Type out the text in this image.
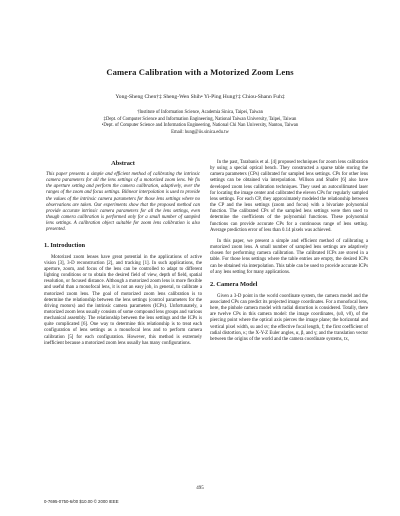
Camera Calibration with a Motorized Zoom Lens
Yong-Sheng Chen†‡ Sheng-Wen Shih• Yi-Ping Hung†‡ Chiou-Shann Fuh‡
†Institute of Information Science, Academia Sinica, Taipei, Taiwan
‡Dept. of Computer Science and Information Engineering, National Taiwan University, Taipei, Taiwan
•Dept. of Computer Science and Information Engineering, National Chi Nan University, Nantou, Taiwan
Email: hung@iis.sinica.edu.tw
Abstract

This paper presents a simple and efficient method of calibrating the intrinsic camera parameters for all the lens settings of a motorized zoom lens. We fix the aperture setting and perform the camera calibration, adaptively, over the ranges of the zoom and focus settings. Bilinear interpolation is used to provide the values of the intrinsic camera parameters for those lens settings where no observations are taken. Our experiments show that the proposed method can provide accurate intrinsic camera parameters for all the lens settings, even though camera calibration is performed only for a small number of sampled lens settings. A calibration object suitable for zoom lens calibration is also presented.

1. Introduction

Motorized zoom lenses have great potential in the applications of active vision [3], 3-D reconstruction [2], and tracking [1]. In such applications, the aperture, zoom, and focus of the lens can be controlled to adapt to different lighting conditions or to obtain the desired field of view, depth of field, spatial resolution, or focused distance. Although a motorized zoom lens is more flexible and useful than a monofocal lens, it is not an easy job, in general, to calibrate a motorized zoom lens. The goal of motorized zoom lens calibration is to determine the relationship between the lens settings (control parameters for the driving motors) and the intrinsic camera parameters (ICPs). Unfortunately, a motorized zoom lens usually consists of some compound lens groups and various mechanical assembly. The relationship between the lens settings and the ICPs is quite complicated [6]. One way to determine this relationship is to treat each configuration of lens settings as a monofocal lens and to perform camera calibration [5] for each configuration. However, this method is extremely inefficient because a motorized zoom lens usually has many configurations.

In the past, Tarabanis et al. [4] proposed techniques for zoom lens calibration by using a special optical bench. They constructed a sparse table storing the camera parameters (CPs) calibrated for sampled lens settings. CPs for other lens settings can be obtained via interpolation. Willson and Shafer [6] also have developed zoom lens calibration techniques. They used an autocollimated laser for locating the image center and calibrated the eleven CPs for regularly sampled lens settings. For each CP, they approximately modeled the relationship between the CP and the lens settings (zoom and focus) with a bivariate polynomial function. The calibrated CPs of the sampled lens settings were then used to determine the coefficients of the polynomial functions. These polynomial functions can provide accurate CPs for a continuous range of lens setting. Average prediction error of less than 0.14 pixels was achieved.

In this paper, we present a simple and efficient method of calibrating a motorized zoom lens. A small number of sampled lens settings are adaptively chosen for performing camera calibration. The calibrated ICPs are stored in a table. For those lens settings where the table entries are empty, the desired ICPs can be obtained via interpolation. This table can be used to provide accurate ICPs of any lens setting for many applications.

2. Camera Model

Given a 3-D point in the world coordinate system, the camera model and the associated CPs can predict its projected image coordinates. For a monofocal lens, here, the pinhole camera model with radial distortion is considered. Totally, there are twelve CPs in this camera model: the image coordinates, (u0, v0), of the piercing point where the optical axis pierces the image plane; the horizontal and vertical pixel width, su and sv; the effective focal length, f; the first coefficient of radial distortion, κ; the X-Y-Z Euler angles, α, β, and γ; and the translation vector between the origins of the world and the camera coordinate systems, tx,

495
0-7695-0750-6/00 $10.00 © 2000 IEEE
